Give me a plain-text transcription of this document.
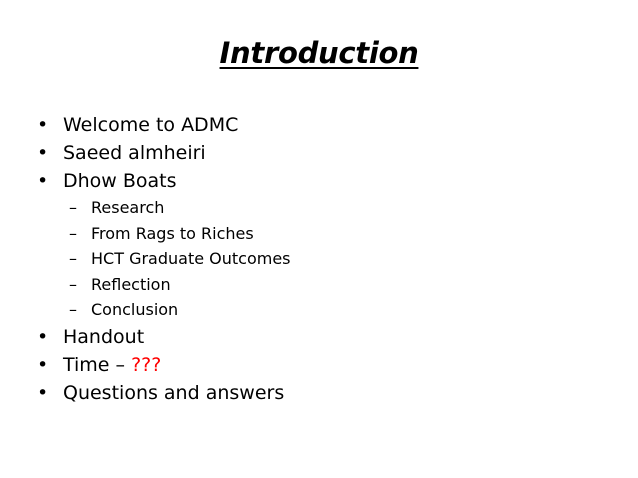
Introduction
• Welcome to ADMC
• Saeed almheiri
• Dhow Boats
– Research
– From Rags to Riches
– HCT Graduate Outcomes
– Reflection
– Conclusion
• Handout
• Time – ???
• Questions and answers
